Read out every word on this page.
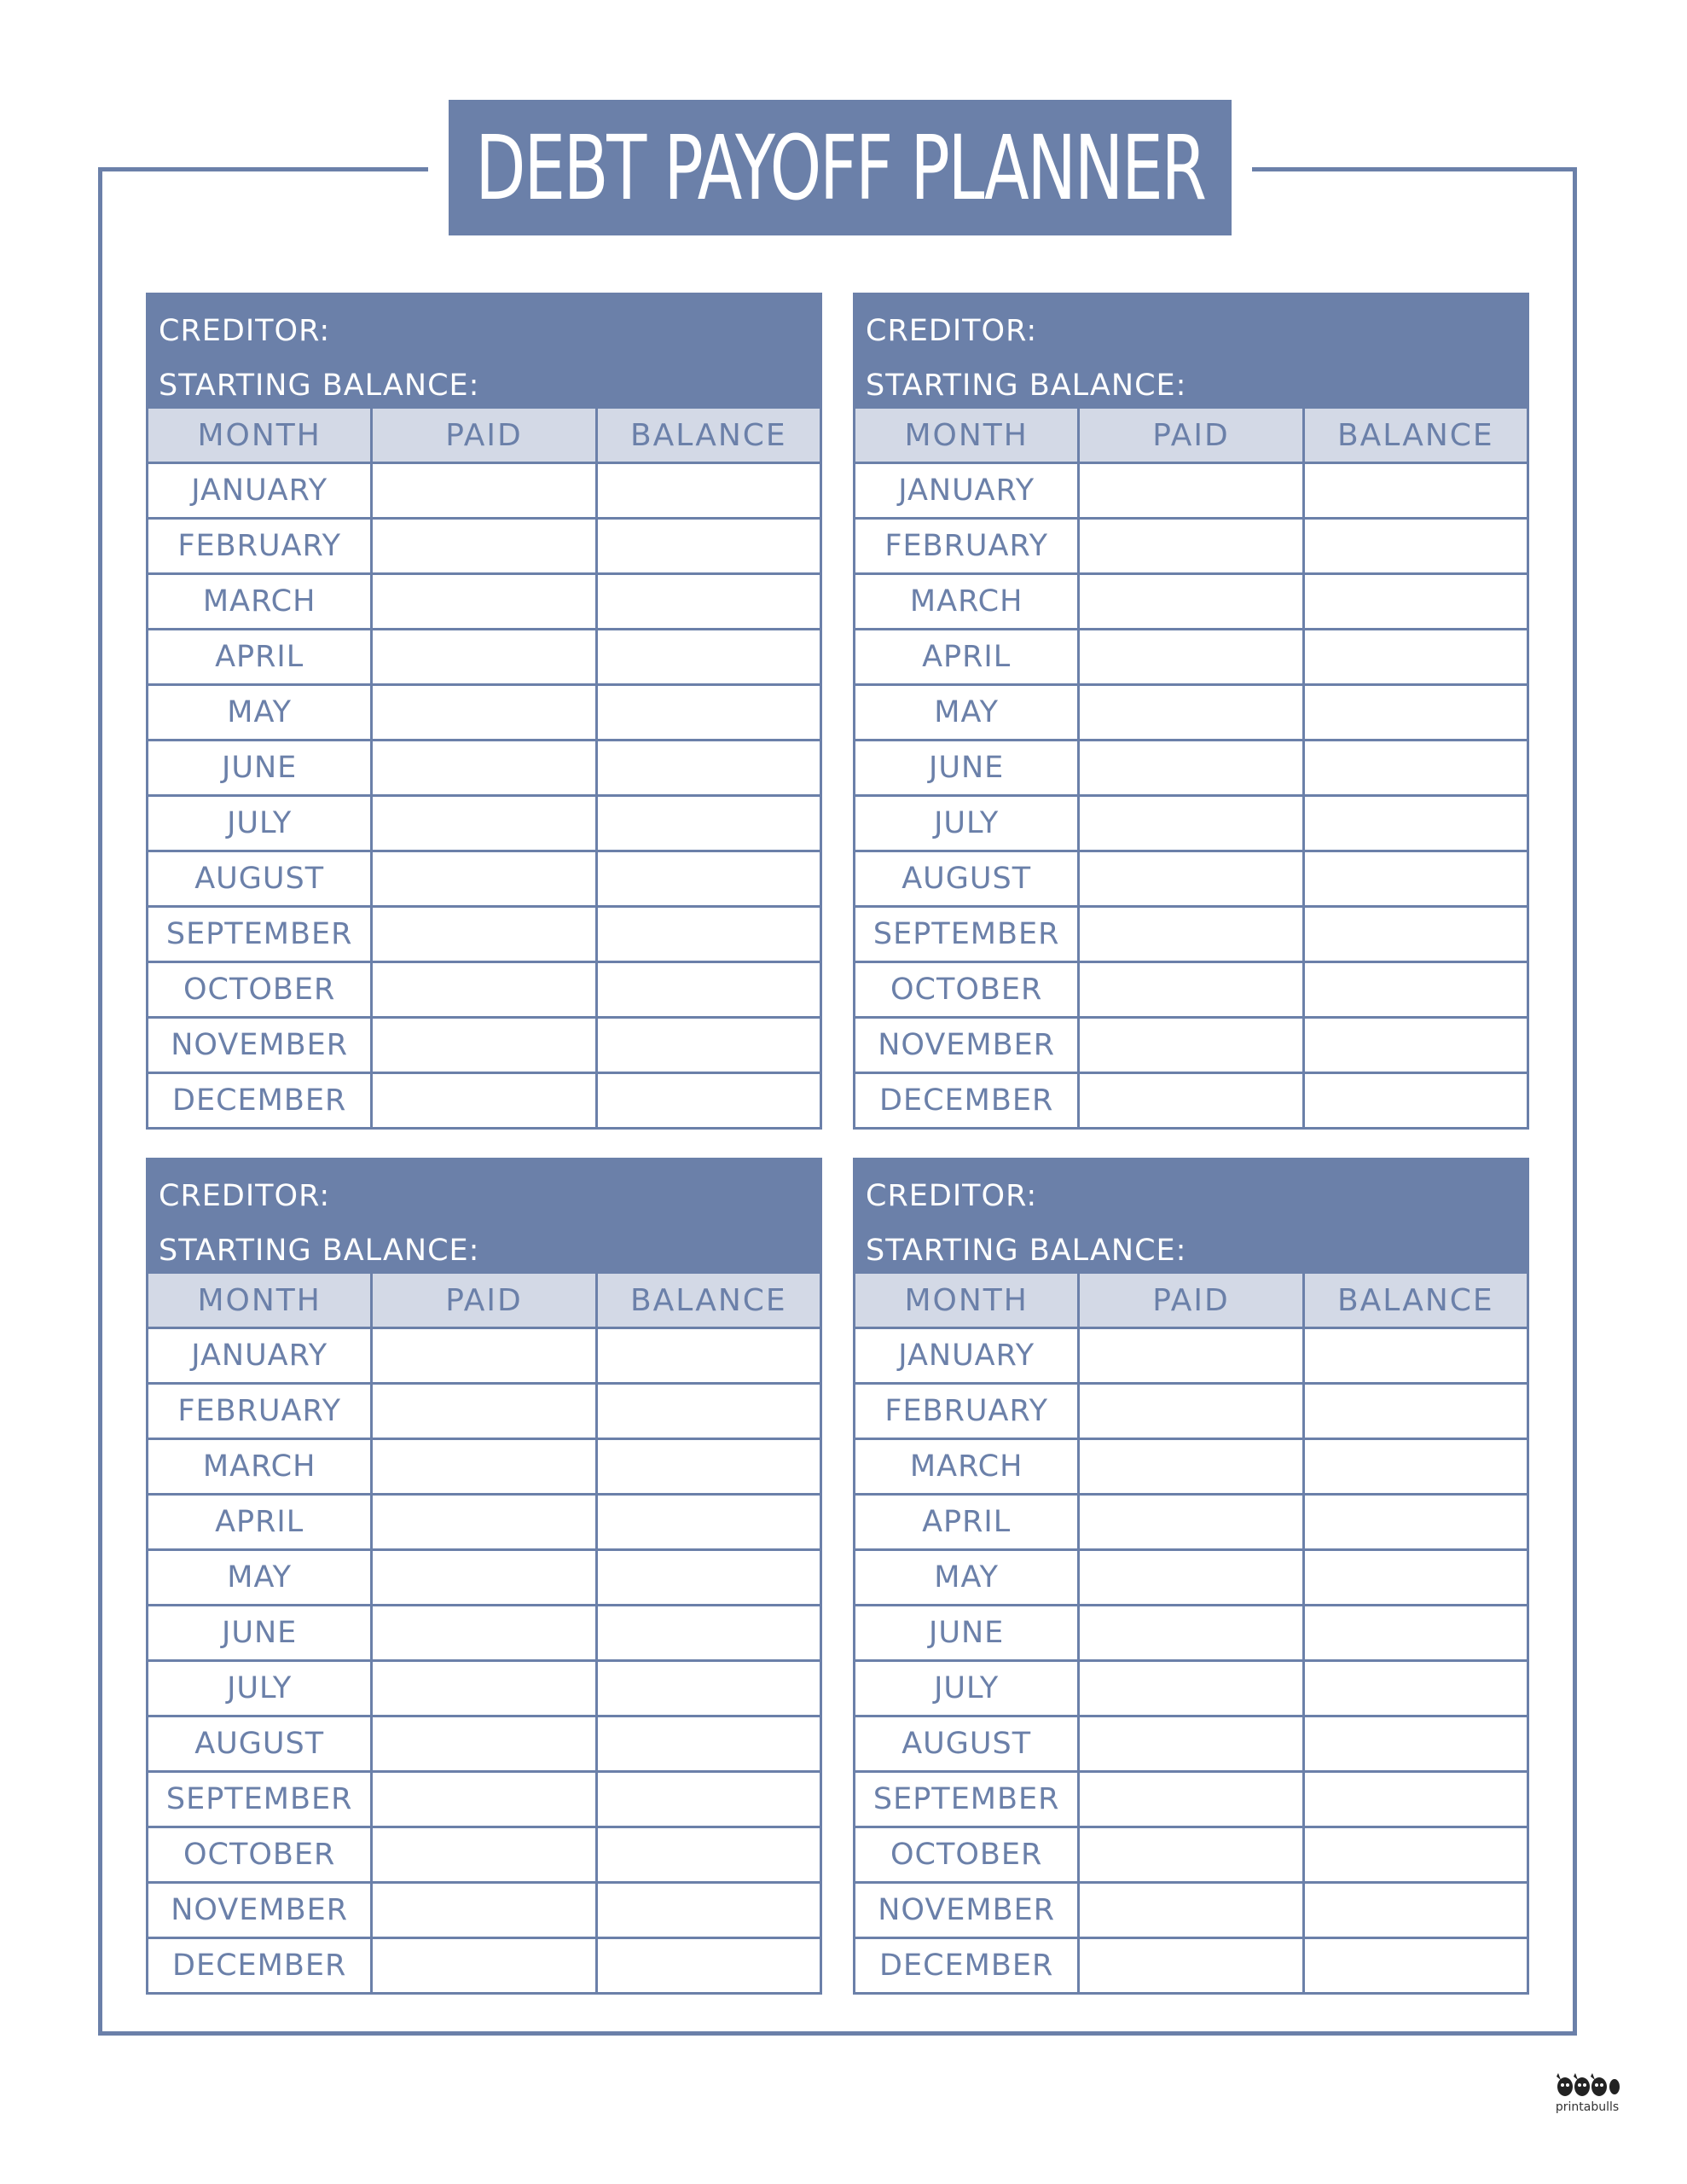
DEBT PAYOFF PLANNER
CREDITOR:
STARTING BALANCE:
MONTH	PAID	BALANCE
JANUARY
FEBRUARY
MARCH
APRIL
MAY
JUNE
JULY
AUGUST
SEPTEMBER
OCTOBER
NOVEMBER
DECEMBER
CREDITOR:
STARTING BALANCE:
MONTH	PAID	BALANCE
JANUARY
FEBRUARY
MARCH
APRIL
MAY
JUNE
JULY
AUGUST
SEPTEMBER
OCTOBER
NOVEMBER
DECEMBER
CREDITOR:
STARTING BALANCE:
MONTH	PAID	BALANCE
JANUARY
FEBRUARY
MARCH
APRIL
MAY
JUNE
JULY
AUGUST
SEPTEMBER
OCTOBER
NOVEMBER
DECEMBER
CREDITOR:
STARTING BALANCE:
MONTH	PAID	BALANCE
JANUARY
FEBRUARY
MARCH
APRIL
MAY
JUNE
JULY
AUGUST
SEPTEMBER
OCTOBER
NOVEMBER
DECEMBER
printabulls
